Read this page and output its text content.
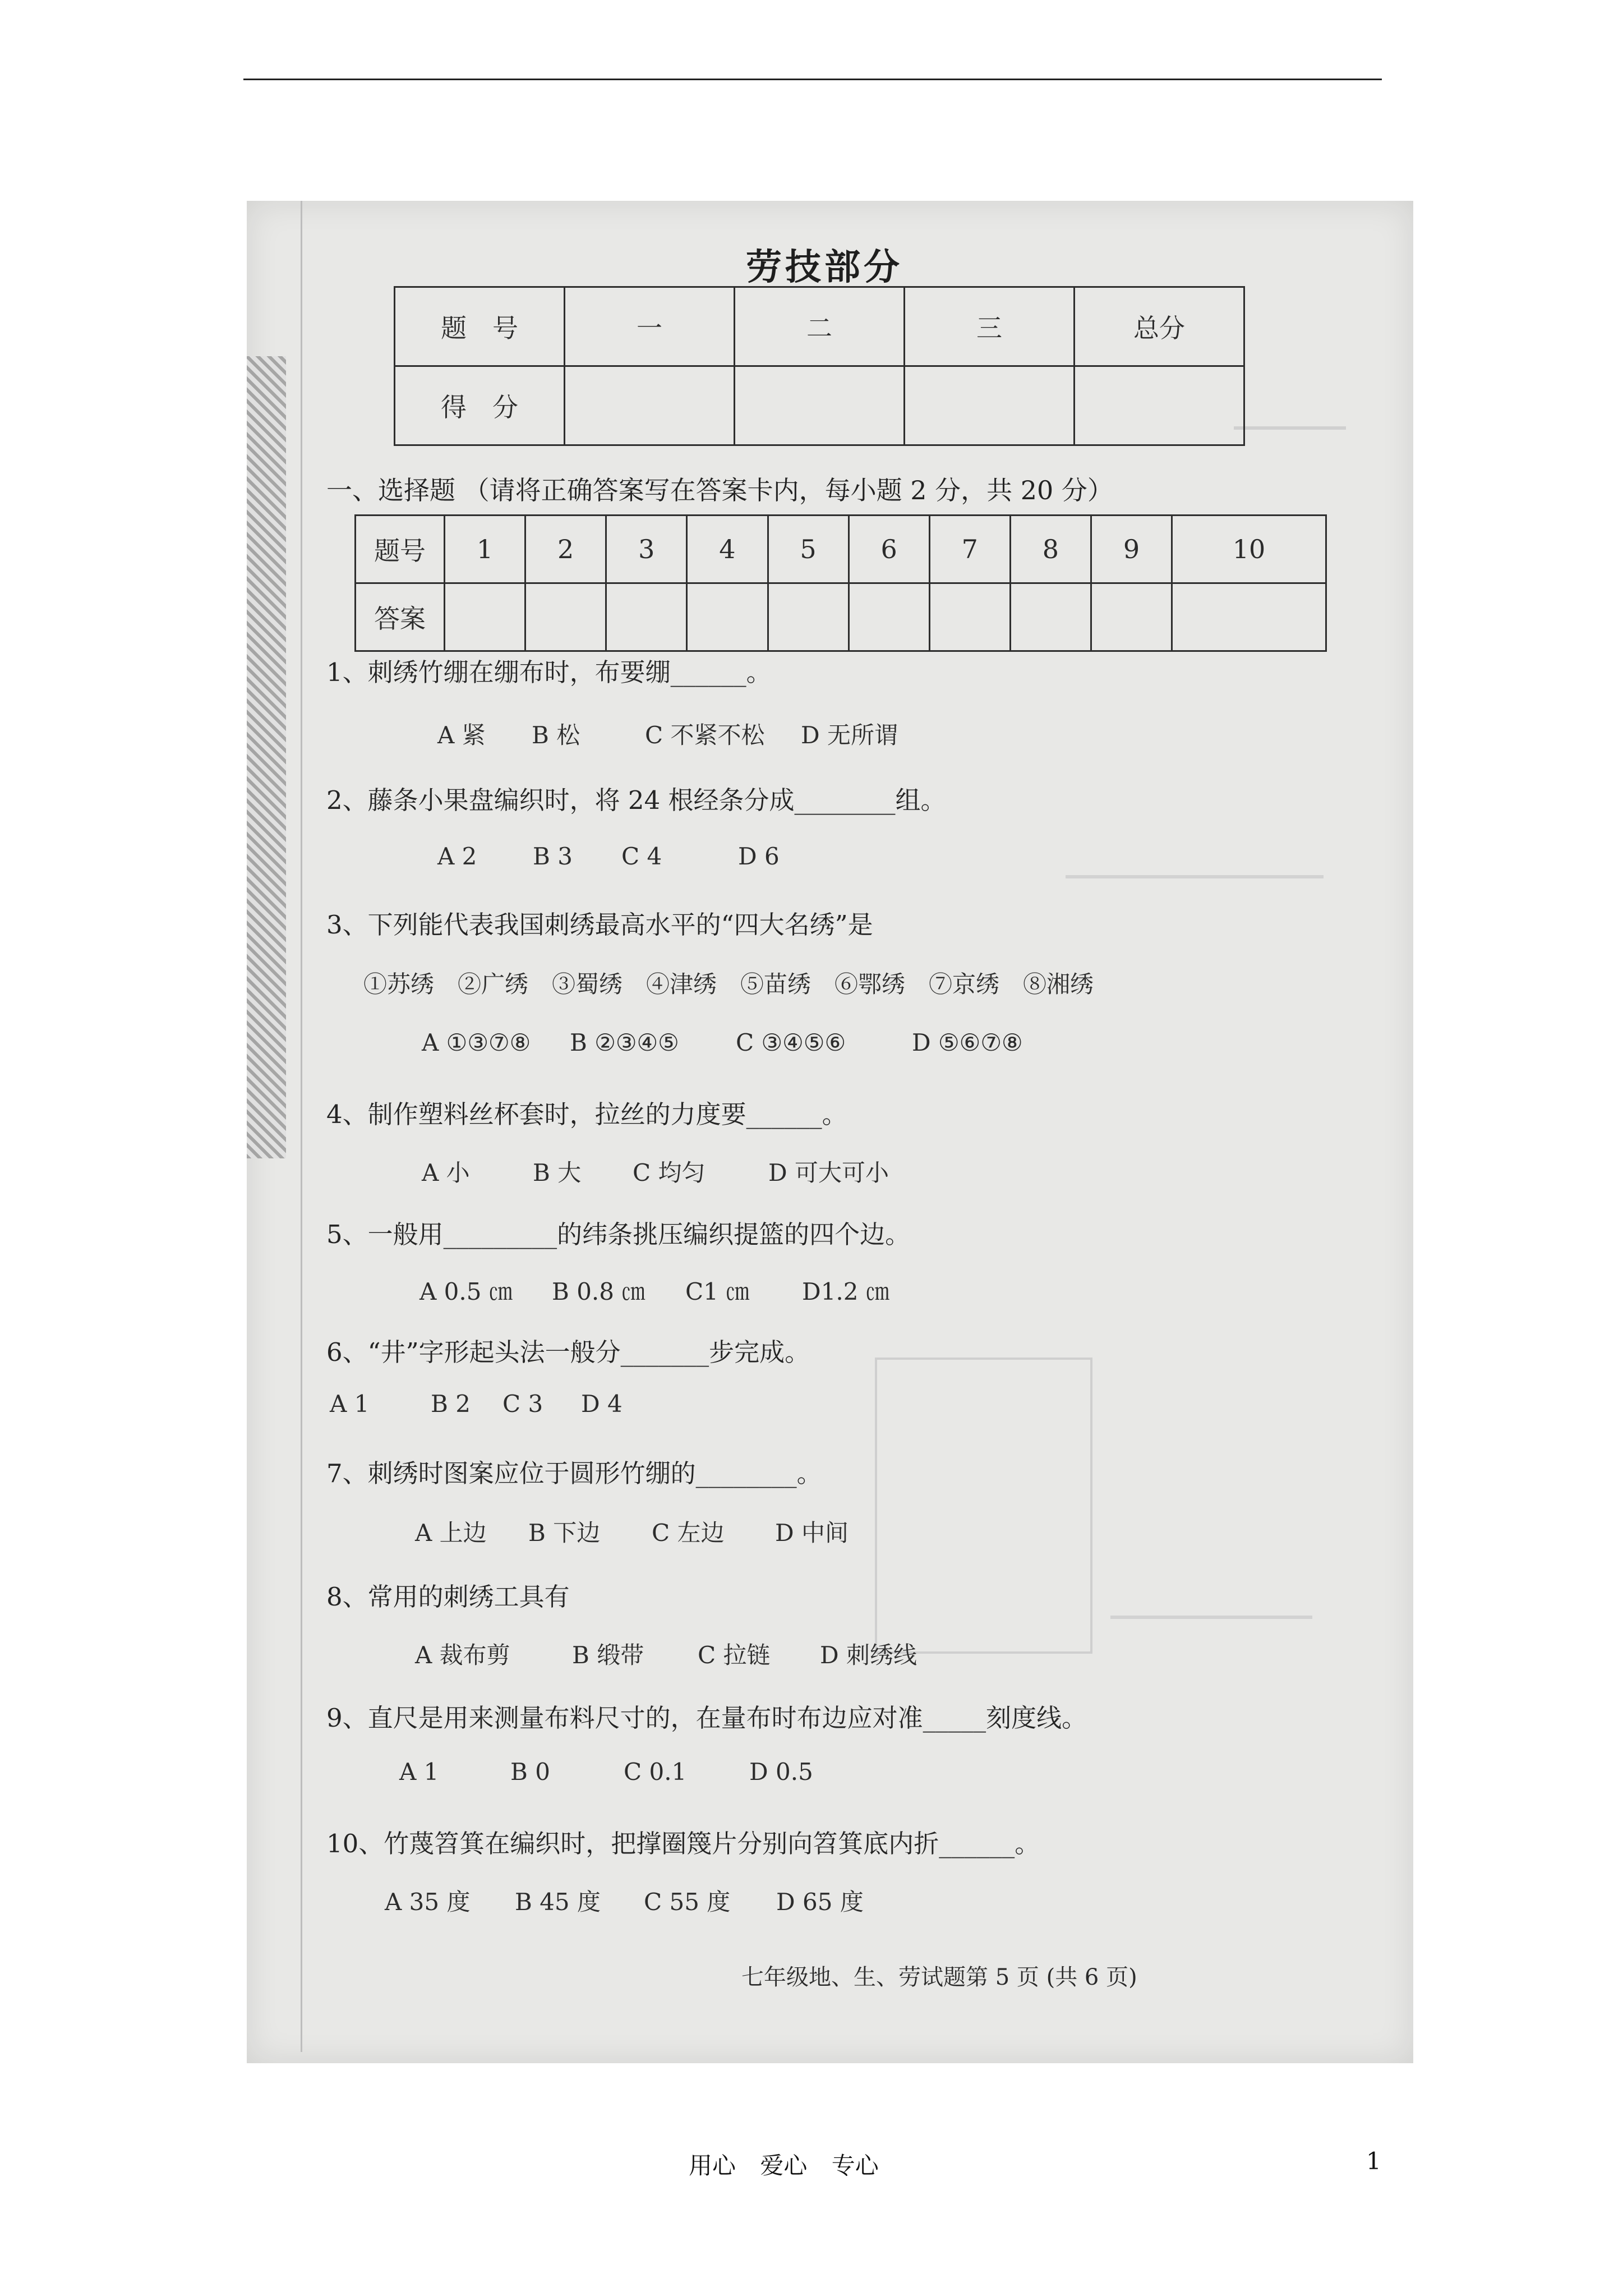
劳技部分
题　号	一	二	三	总分
得　分				
一、选择题 （请将正确答案写在答案卡内，每小题 2 分，共 20 分）
题号	1	2	3	4	5	6	7	8	9	10
答案										
1、刺绣竹绷在绷布时，布要绷______。
A 紧 B 松	C 不紧不松 D 无所谓
2、藤条小果盘编织时，将 24 根经条分成________组。
A 2 B 3 C 4	D 6
3、下列能代表我国刺绣最高水平的“四大名绣”是
①苏绣　②广绣　③蜀绣　④津绣　⑤苗绣　⑥鄂绣　⑦京绣　⑧湘绣
A ①③⑦⑧ B ②③④⑤ C ③④⑤⑥	D ⑤⑥⑦⑧
4、制作塑料丝杯套时，拉丝的力度要______。
A 小	B 大 C 均匀	D 可大可小
5、一般用_________的纬条挑压编织提篮的四个边。
A 0.5 ㎝ B 0.8 ㎝ C1 ㎝ D1.2 ㎝
6、“井”字形起头法一般分_______步完成。
A 1	B 2 C 3 D 4
7、刺绣时图案应位于圆形竹绷的________。
A 上边 B 下边 C 左边 D 中间
8、常用的刺绣工具有
A 裁布剪	B 缎带 C 拉链 D 刺绣线
9、直尺是用来测量布料尺寸的，在量布时布边应对准_____刻度线。
A 1	B 0	C 0.1	D 0.5
10、竹蔑笤箕在编织时，把撑圈篾片分别向笤箕底内折______。
A 35 度 B 45 度 C 55 度 D 65 度
七年级地、生、劳试题第 5 页 (共 6 页)
用心 爱心 专心	1
